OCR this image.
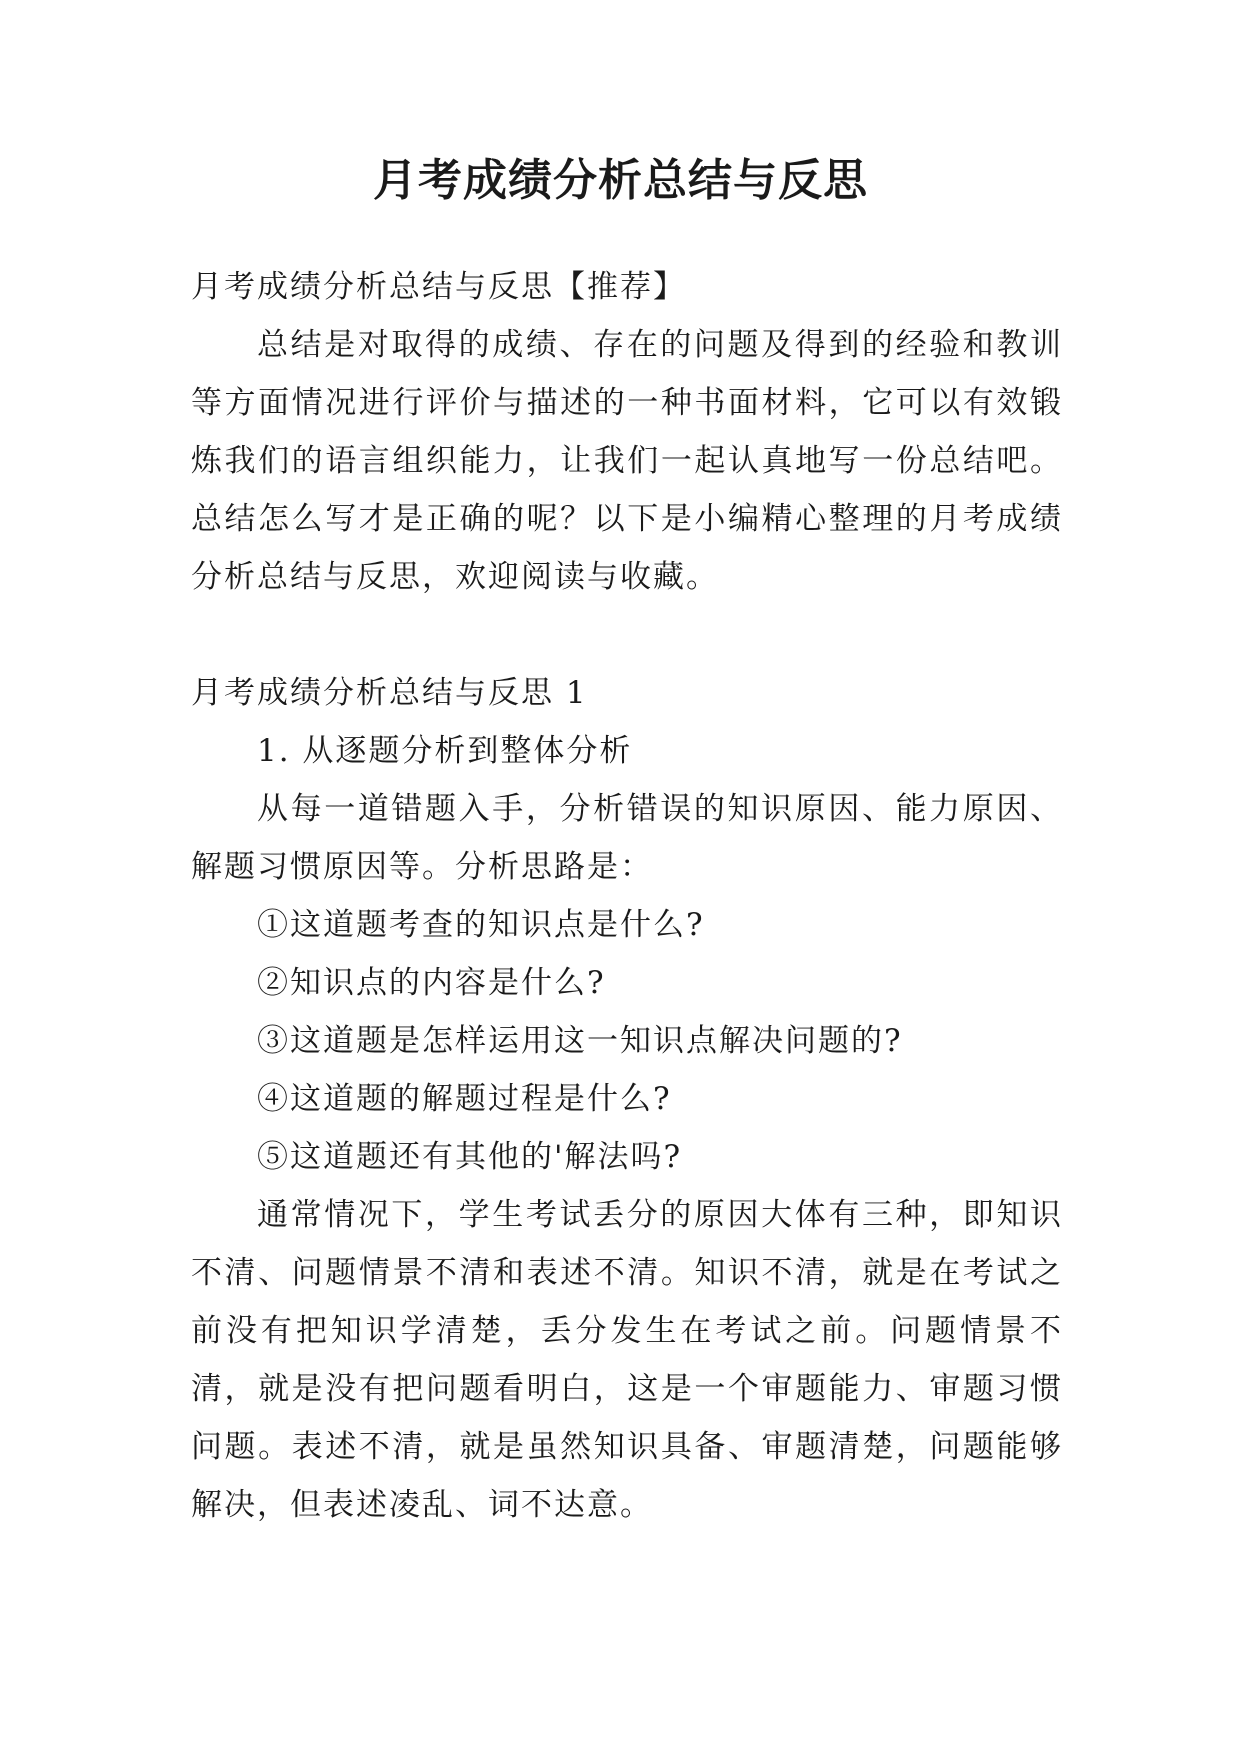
月考成绩分析总结与反思

月考成绩分析总结与反思【推荐】

总结是对取得的成绩、存在的问题及得到的经验和教训等方面情况进行评价与描述的一种书面材料，它可以有效锻炼我们的语言组织能力，让我们一起认真地写一份总结吧。总结怎么写才是正确的呢？以下是小编精心整理的月考成绩分析总结与反思，欢迎阅读与收藏。

月考成绩分析总结与反思 1

1. 从逐题分析到整体分析

从每一道错题入手，分析错误的知识原因、能力原因、解题习惯原因等。分析思路是：

①这道题考查的知识点是什么?

②知识点的内容是什么?

③这道题是怎样运用这一知识点解决问题的?

④这道题的解题过程是什么?

⑤这道题还有其他的'解法吗?

通常情况下，学生考试丢分的原因大体有三种，即知识不清、问题情景不清和表述不清。知识不清，就是在考试之前没有把知识学清楚，丢分发生在考试之前。问题情景不清，就是没有把问题看明白，这是一个审题能力、审题习惯问题。表述不清，就是虽然知识具备、审题清楚，问题能够解决，但表述凌乱、词不达意。
